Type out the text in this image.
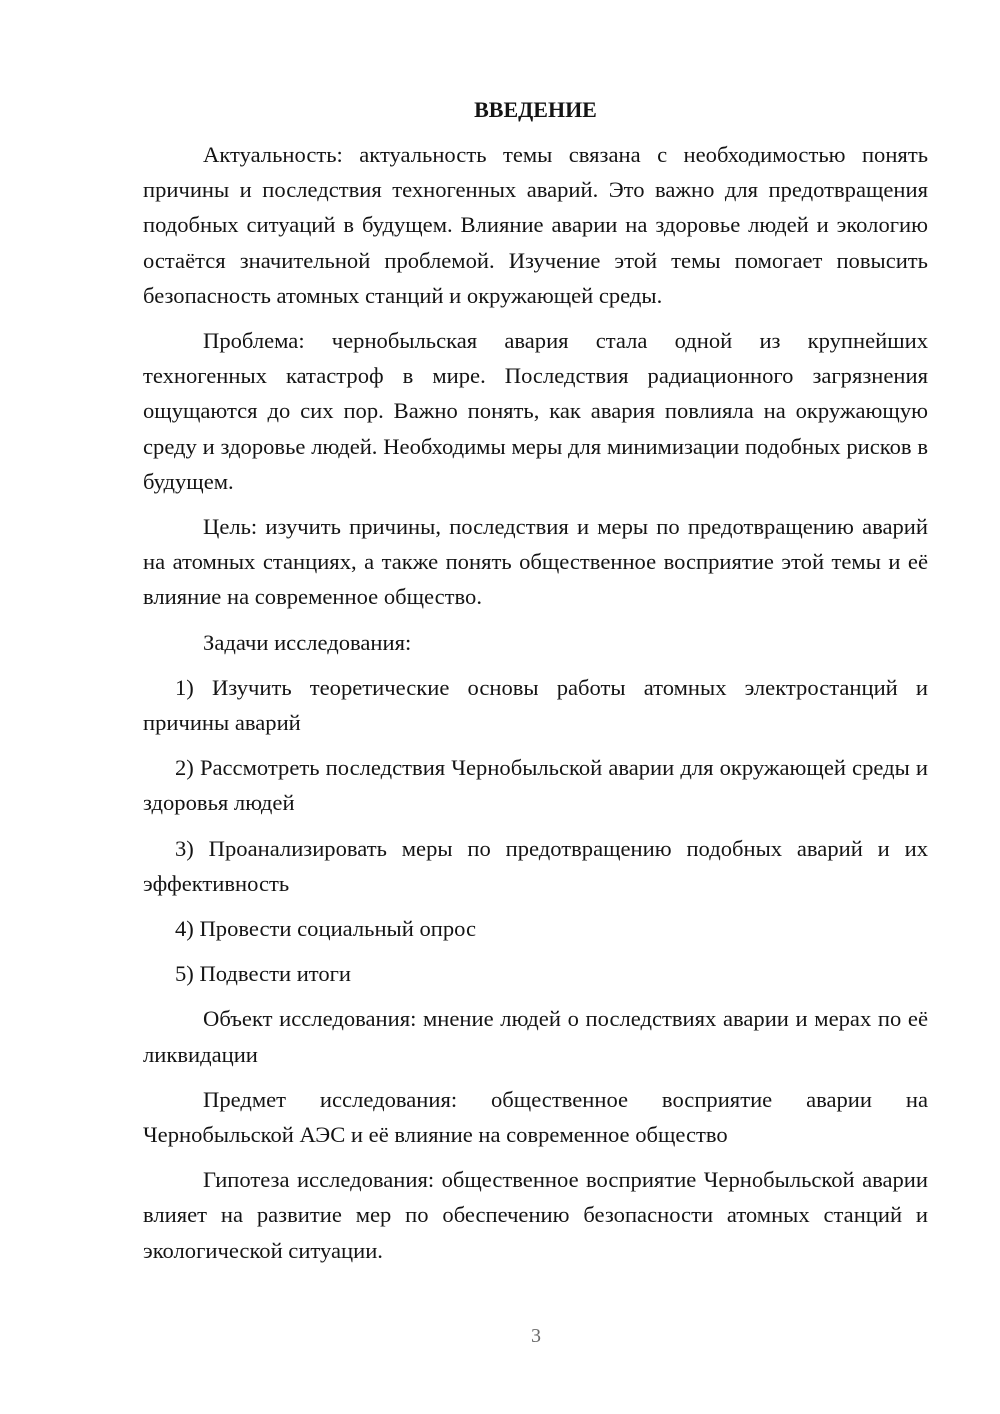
ВВЕДЕНИЕ

Актуальность: актуальность темы связана с необходимостью понять причины и последствия техногенных аварий. Это важно для предотвращения подобных ситуаций в будущем. Влияние аварии на здоровье людей и экологию остаётся значительной проблемой. Изучение этой темы помогает повысить безопасность атомных станций и окружающей среды.

Проблема: чернобыльская авария стала одной из крупнейших техногенных катастроф в мире. Последствия радиационного загрязнения ощущаются до сих пор. Важно понять, как авария повлияла на окружающую среду и здоровье людей. Необходимы меры для минимизации подобных рисков в будущем.

Цель: изучить причины, последствия и меры по предотвращению аварий на атомных станциях, а также понять общественное восприятие этой темы и её влияние на современное общество.

Задачи исследования:

1) Изучить теоретические основы работы атомных электростанций и причины аварий

2) Рассмотреть последствия Чернобыльской аварии для окружающей среды и здоровья людей

3) Проанализировать меры по предотвращению подобных аварий и их эффективность

4) Провести социальный опрос

5) Подвести итоги

Объект исследования: мнение людей о последствиях аварии и мерах по её ликвидации

Предмет исследования: общественное восприятие аварии на Чернобыльской АЭС и её влияние на современное общество

Гипотеза исследования: общественное восприятие Чернобыльской аварии влияет на развитие мер по обеспечению безопасности атомных станций и экологической ситуации.

3
